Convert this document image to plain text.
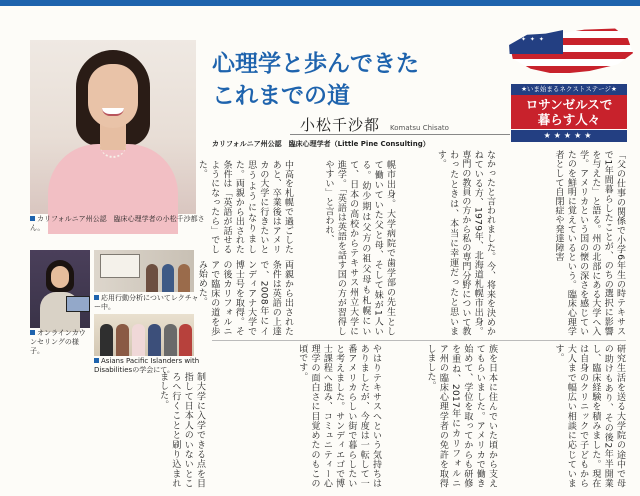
カリフォルニア州公認　臨床心理学者の小松千沙都さん。

オンラインカウンセリングの様子。

応用行動分析についてレクチャー中。

Asians Pacific Islanders with Disabilitiesの学会にて。

心理学と歩んできた
これまでの道
小松千沙都 Komatsu Chisato
カリフォルニア州公認　臨床心理学者（Little Pine Consulting）
✦ ✦ ✦
★いま始まるネクストステージ★
ロサンゼルスで
暮らす人々
★★★★★

中高を札幌で過ごしたあと、卒業後はアメリカの大学に行きたいと思うようになりました。両親から出された条件は「英語が話せるようになったら」でした。	幌市出身。大学病院で歯学部の先生として働いていた父と母、そして妹が1人いる。幼少期は父方の祖父母も札幌にいて、日本の高校からテキサス州立大学に進学。「英語は英語を話す国の方が習得しやすい」と言われ、	なかったと言われました。今、将来を決めかねている方、1979年、北海道札幌市出身。専門の教員の方から私の専門分野について教わったときは、本当に幸運だったと思います。	「父の仕事の関係で小学6年生の時テキサスで1年間暮らしたことが、のちの選択に影響を与えた」と語る。州の北部にある大学へ入学。アメリカという国の懐の深さを感じていたのを鮮明に覚えているという。臨床心理学者として自閉症や発達障害

両親から出された条件は英語の上達で、2008年にインディアナ大学で博士号を取得。その後カリフォルニアで臨床の道を歩み始めた。

制大学に入学できる点を目指して日本人のいないところへ行くことと刷り込まれました。	やはりテキサスへという気持ちはありましたが、今度は一転して一番アメリカらしい街で暮らしたいと考えました。サンディエゴで博士課程へ進み、コミュニティー心理学の面白さに目覚めたのもこの頃です。	族を日本に住んでいた頃から支えてもらいました。アメリカで働き始めて、学位を取ってからも研修を重ね、2017年にカリフォルニア州の臨床心理学者の免許を取得しました。	研究生活を送る大学院の途中で母の助けもあり、その後2年半開業し、臨床経験を積みました。現在は自身のクリニックで子どもから大人まで幅広い相談に応じています。
